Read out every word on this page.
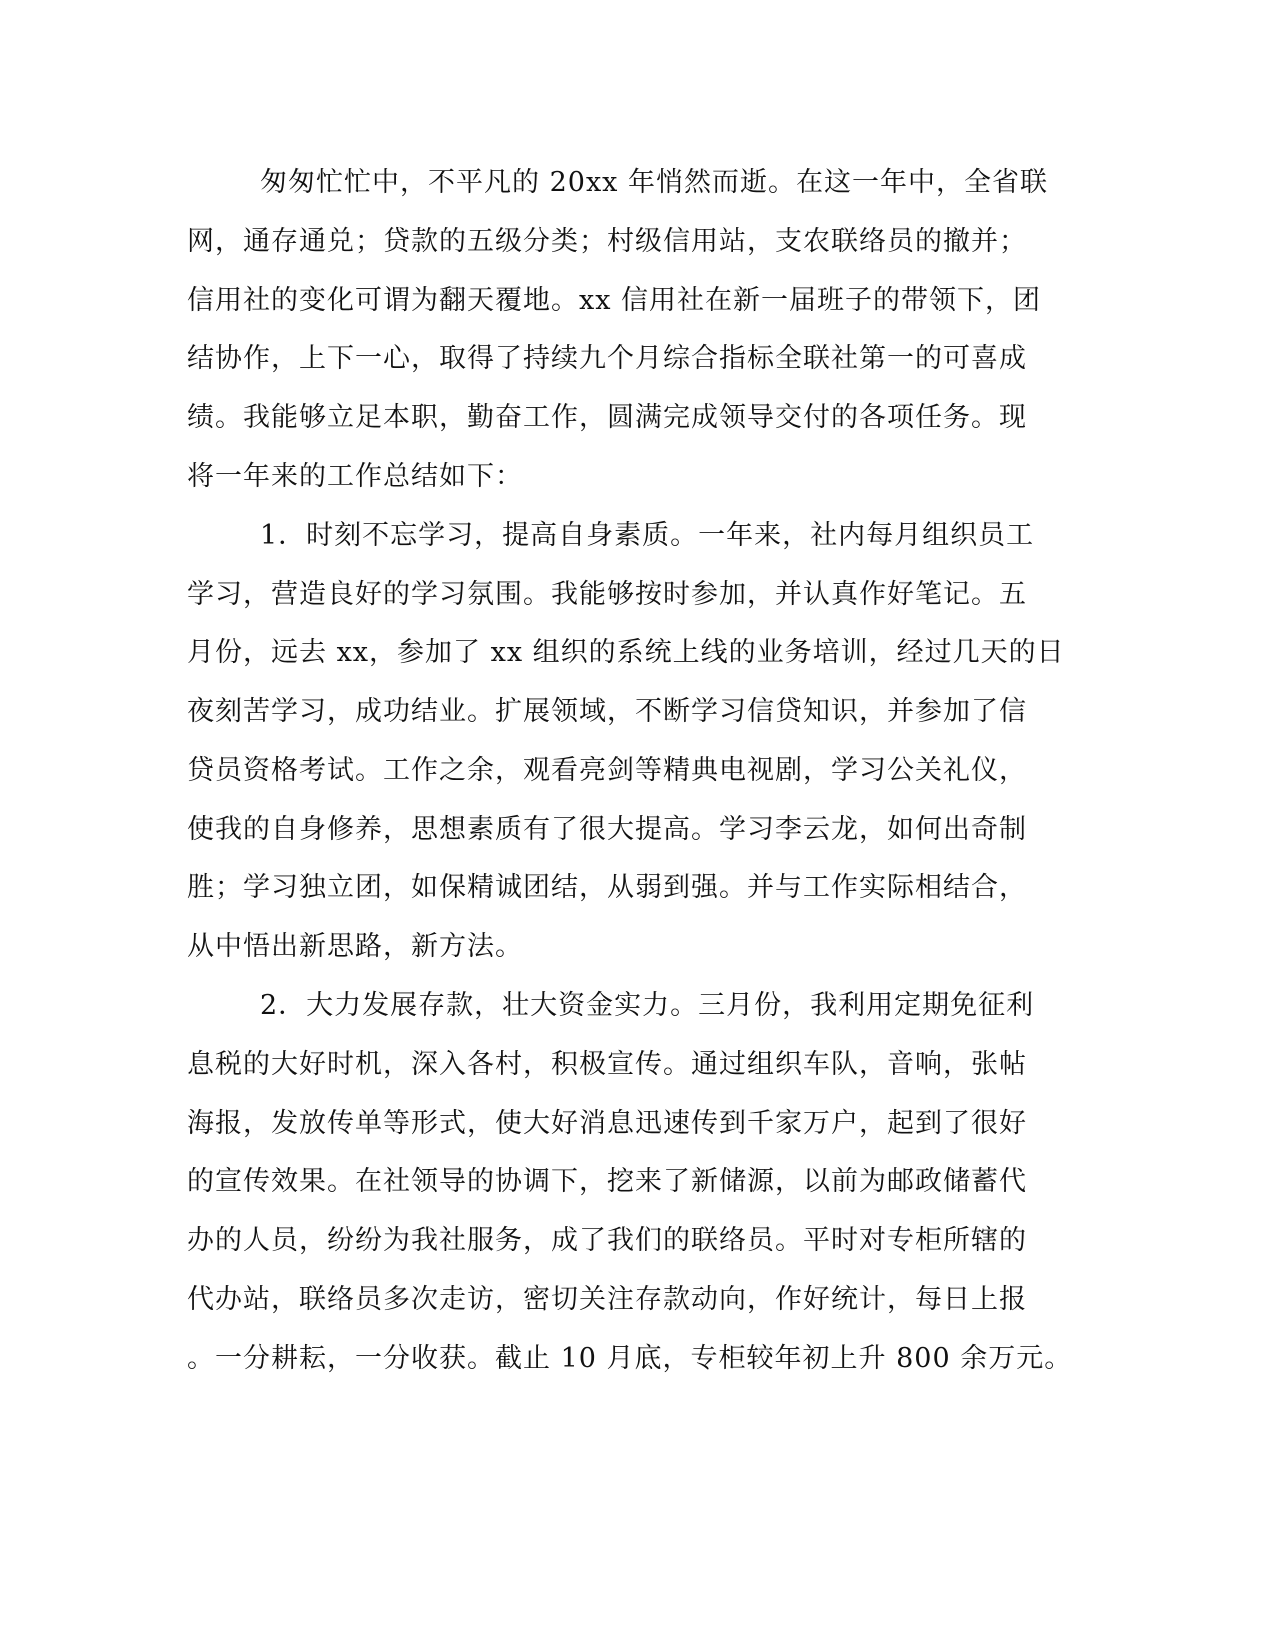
匆匆忙忙中，不平凡的 20xx 年悄然而逝。在这一年中，全省联
网，通存通兑；贷款的五级分类；村级信用站，支农联络员的撤并；
信用社的变化可谓为翻天覆地。xx 信用社在新一届班子的带领下，团
结协作，上下一心，取得了持续九个月综合指标全联社第一的可喜成
绩。我能够立足本职，勤奋工作，圆满完成领导交付的各项任务。现
将一年来的工作总结如下：
1．时刻不忘学习，提高自身素质。一年来，社内每月组织员工
学习，营造良好的学习氛围。我能够按时参加，并认真作好笔记。五
月份，远去 xx，参加了 xx 组织的系统上线的业务培训，经过几天的日
夜刻苦学习，成功结业。扩展领域，不断学习信贷知识，并参加了信
贷员资格考试。工作之余，观看亮剑等精典电视剧，学习公关礼仪，
使我的自身修养，思想素质有了很大提高。学习李云龙，如何出奇制
胜；学习独立团，如保精诚团结，从弱到强。并与工作实际相结合，
从中悟出新思路，新方法。
2．大力发展存款，壮大资金实力。三月份，我利用定期免征利
息税的大好时机，深入各村，积极宣传。通过组织车队，音响，张帖
海报，发放传单等形式，使大好消息迅速传到千家万户，起到了很好
的宣传效果。在社领导的协调下，挖来了新储源，以前为邮政储蓄代
办的人员，纷纷为我社服务，成了我们的联络员。平时对专柜所辖的
代办站，联络员多次走访，密切关注存款动向，作好统计，每日上报
。一分耕耘，一分收获。截止 10 月底，专柜较年初上升 800 余万元。
